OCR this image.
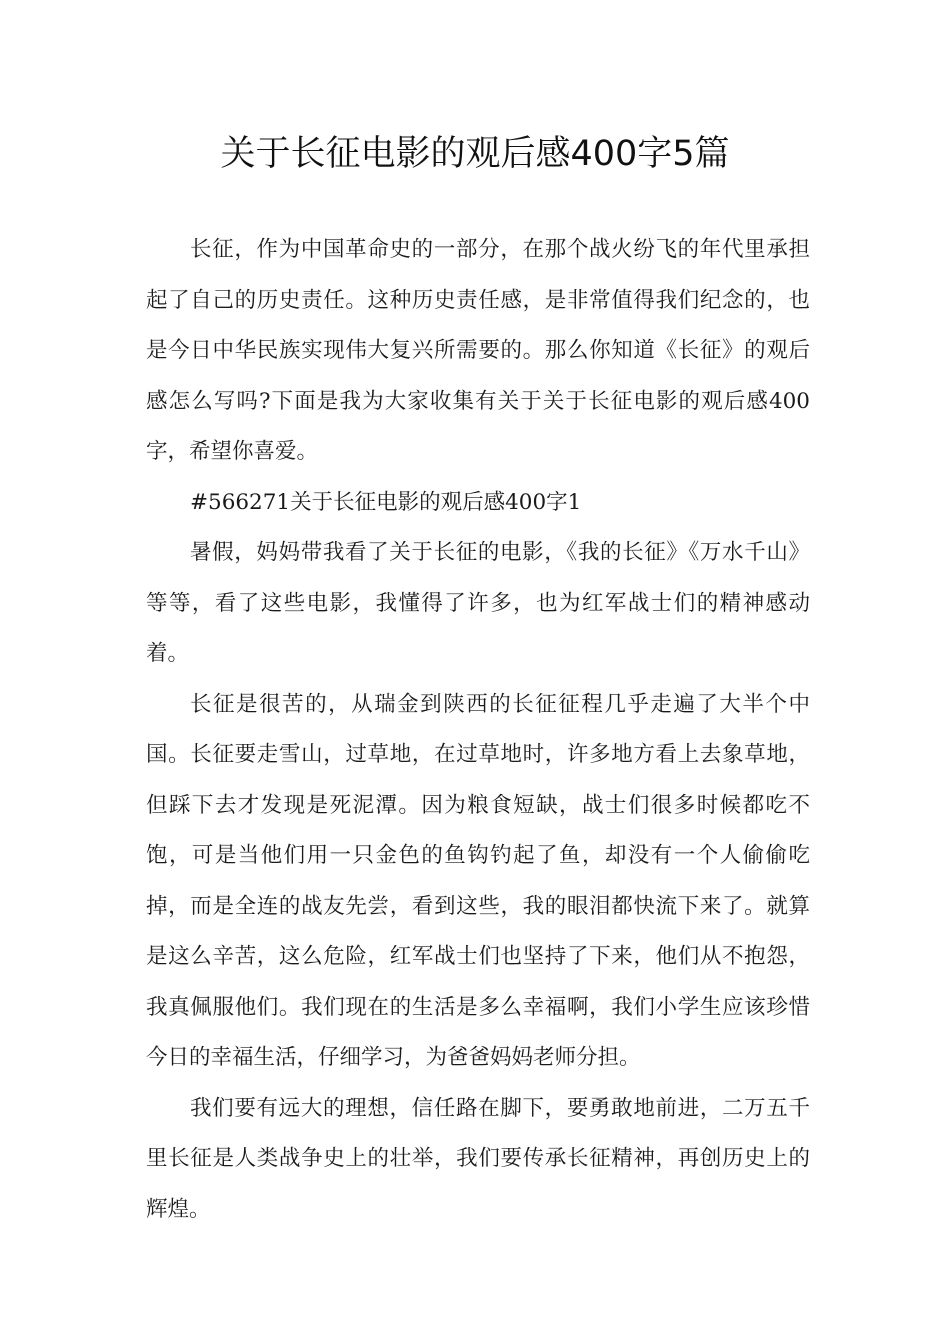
关于长征电影的观后感400字5篇

长征，作为中国革命史的一部分，在那个战火纷飞的年代里承担起了自己的历史责任。这种历史责任感，是非常值得我们纪念的，也是今日中华民族实现伟大复兴所需要的。那么你知道《长征》的观后感怎么写吗?下面是我为大家收集有关于关于长征电影的观后感400字，希望你喜爱。

#566271关于长征电影的观后感400字1

暑假，妈妈带我看了关于长征的电影，《我的长征》《万水千山》等等，看了这些电影，我懂得了许多，也为红军战士们的精神感动着。

长征是很苦的，从瑞金到陕西的长征征程几乎走遍了大半个中国。长征要走雪山，过草地，在过草地时，许多地方看上去象草地，但踩下去才发现是死泥潭。因为粮食短缺，战士们很多时候都吃不饱，可是当他们用一只金色的鱼钩钓起了鱼，却没有一个人偷偷吃掉，而是全连的战友先尝，看到这些，我的眼泪都快流下来了。就算是这么辛苦，这么危险，红军战士们也坚持了下来，他们从不抱怨，我真佩服他们。我们现在的生活是多么幸福啊，我们小学生应该珍惜今日的幸福生活，仔细学习，为爸爸妈妈老师分担。

我们要有远大的理想，信任路在脚下，要勇敢地前进，二万五千里长征是人类战争史上的壮举，我们要传承长征精神，再创历史上的辉煌。
